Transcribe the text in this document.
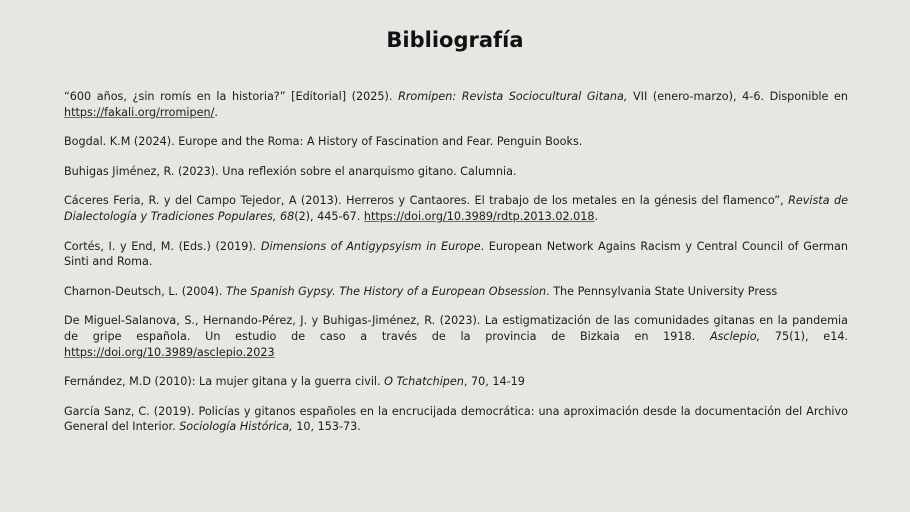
Bibliografía

“600 años, ¿sin romís en la historia?” [Editorial] (2025). Rromipen: Revista Sociocultural Gitana, VII (enero-marzo), 4-6. Disponible en https://fakali.org/rromipen/.

Bogdal. K.M (2024). Europe and the Roma: A History of Fascination and Fear. Penguin Books.

Buhigas Jiménez, R. (2023). Una reflexión sobre el anarquismo gitano. Calumnia.

Cáceres Feria, R. y del Campo Tejedor, A (2013). Herreros y Cantaores. El trabajo de los metales en la génesis del flamenco”, Revista de Dialectología y Tradiciones Populares, 68(2), 445-67. https://doi.org/10.3989/rdtp.2013.02.018.

Cortés, I. y End, M. (Eds.) (2019). Dimensions of Antigypsyism in Europe. European Network Agains Racism y Central Council of German Sinti and Roma.

Charnon-Deutsch, L. (2004). The Spanish Gypsy. The History of a European Obsession. The Pennsylvania State University Press

De Miguel-Salanova, S., Hernando-Pérez, J. y Buhigas-Jiménez, R. (2023). La estigmatización de las comunidades gitanas en la pandemia de gripe española. Un estudio de caso a través de la provincia de Bizkaia en 1918. Asclepio, 75(1), e14. https://doi.org/10.3989/asclepio.2023

Fernández, M.D (2010): La mujer gitana y la guerra civil. O Tchatchipen, 70, 14-19

García Sanz, C. (2019). Policías y gitanos españoles en la encrucijada democrática: una aproximación desde la documentación del Archivo General del Interior. Sociología Histórica, 10, 153-73.
